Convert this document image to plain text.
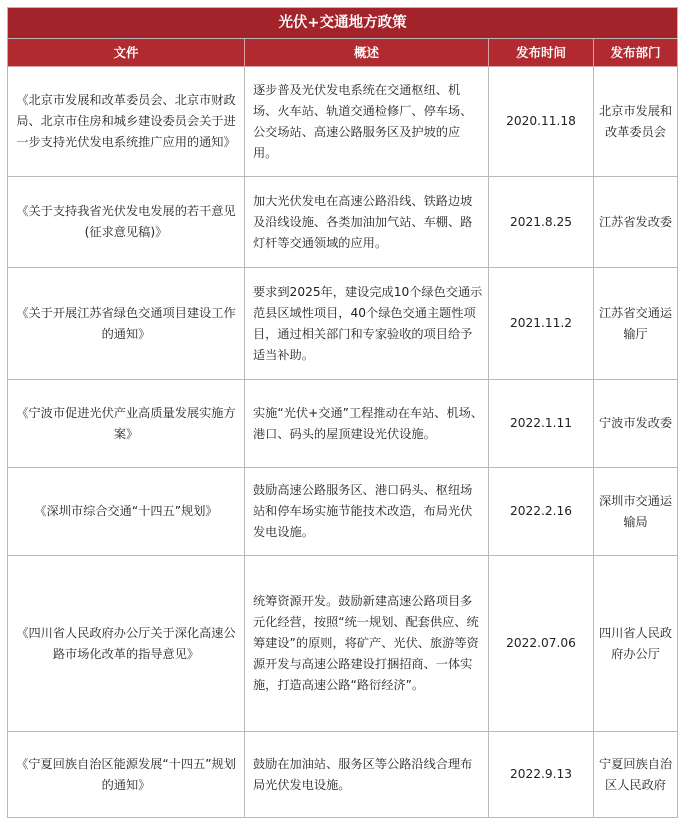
光伏+交通地方政策			
文件	概述	发布时间	发布部门
《北京市发展和改革委员会、北京市财政局、北京市住房和城乡建设委员会关于进一步支持光伏发电系统推广应用的通知》	逐步普及光伏发电系统在交通枢纽、机场、火车站、轨道交通检修厂、停车场、公交场站、高速公路服务区及护坡的应用。	2020.11.18	北京市发展和改革委员会
《关于支持我省光伏发电发展的若干意见(征求意见稿)》	加大光伏发电在高速公路沿线、铁路边坡及沿线设施、各类加油加气站、车棚、路灯杆等交通领域的应用。	2021.8.25	江苏省发改委
《关于开展江苏省绿色交通项目建设工作的通知》	要求到2025年，建设完成10个绿色交通示范县区域性项目，40个绿色交通主题性项目，通过相关部门和专家验收的项目给予适当补助。	2021.11.2	江苏省交通运输厅
《宁波市促进光伏产业高质量发展实施方案》	实施“光伏+交通”工程推动在车站、机场、港口、码头的屋顶建设光伏设施。	2022.1.11	宁波市发改委
《深圳市综合交通“十四五”规划》	鼓励高速公路服务区、港口码头、枢纽场站和停车场实施节能技术改造，布局光伏发电设施。	2022.2.16	深圳市交通运输局
《四川省人民政府办公厅关于深化高速公路市场化改革的指导意见》	统筹资源开发。鼓励新建高速公路项目多元化经营，按照“统一规划、配套供应、统筹建设”的原则，将矿产、光伏、旅游等资源开发与高速公路建设打捆招商、一体实施，打造高速公路“路衍经济”。	2022.07.06	四川省人民政府办公厅
《宁夏回族自治区能源发展“十四五”规划的通知》	鼓励在加油站、服务区等公路沿线合理布局光伏发电设施。	2022.9.13	宁夏回族自治区人民政府
